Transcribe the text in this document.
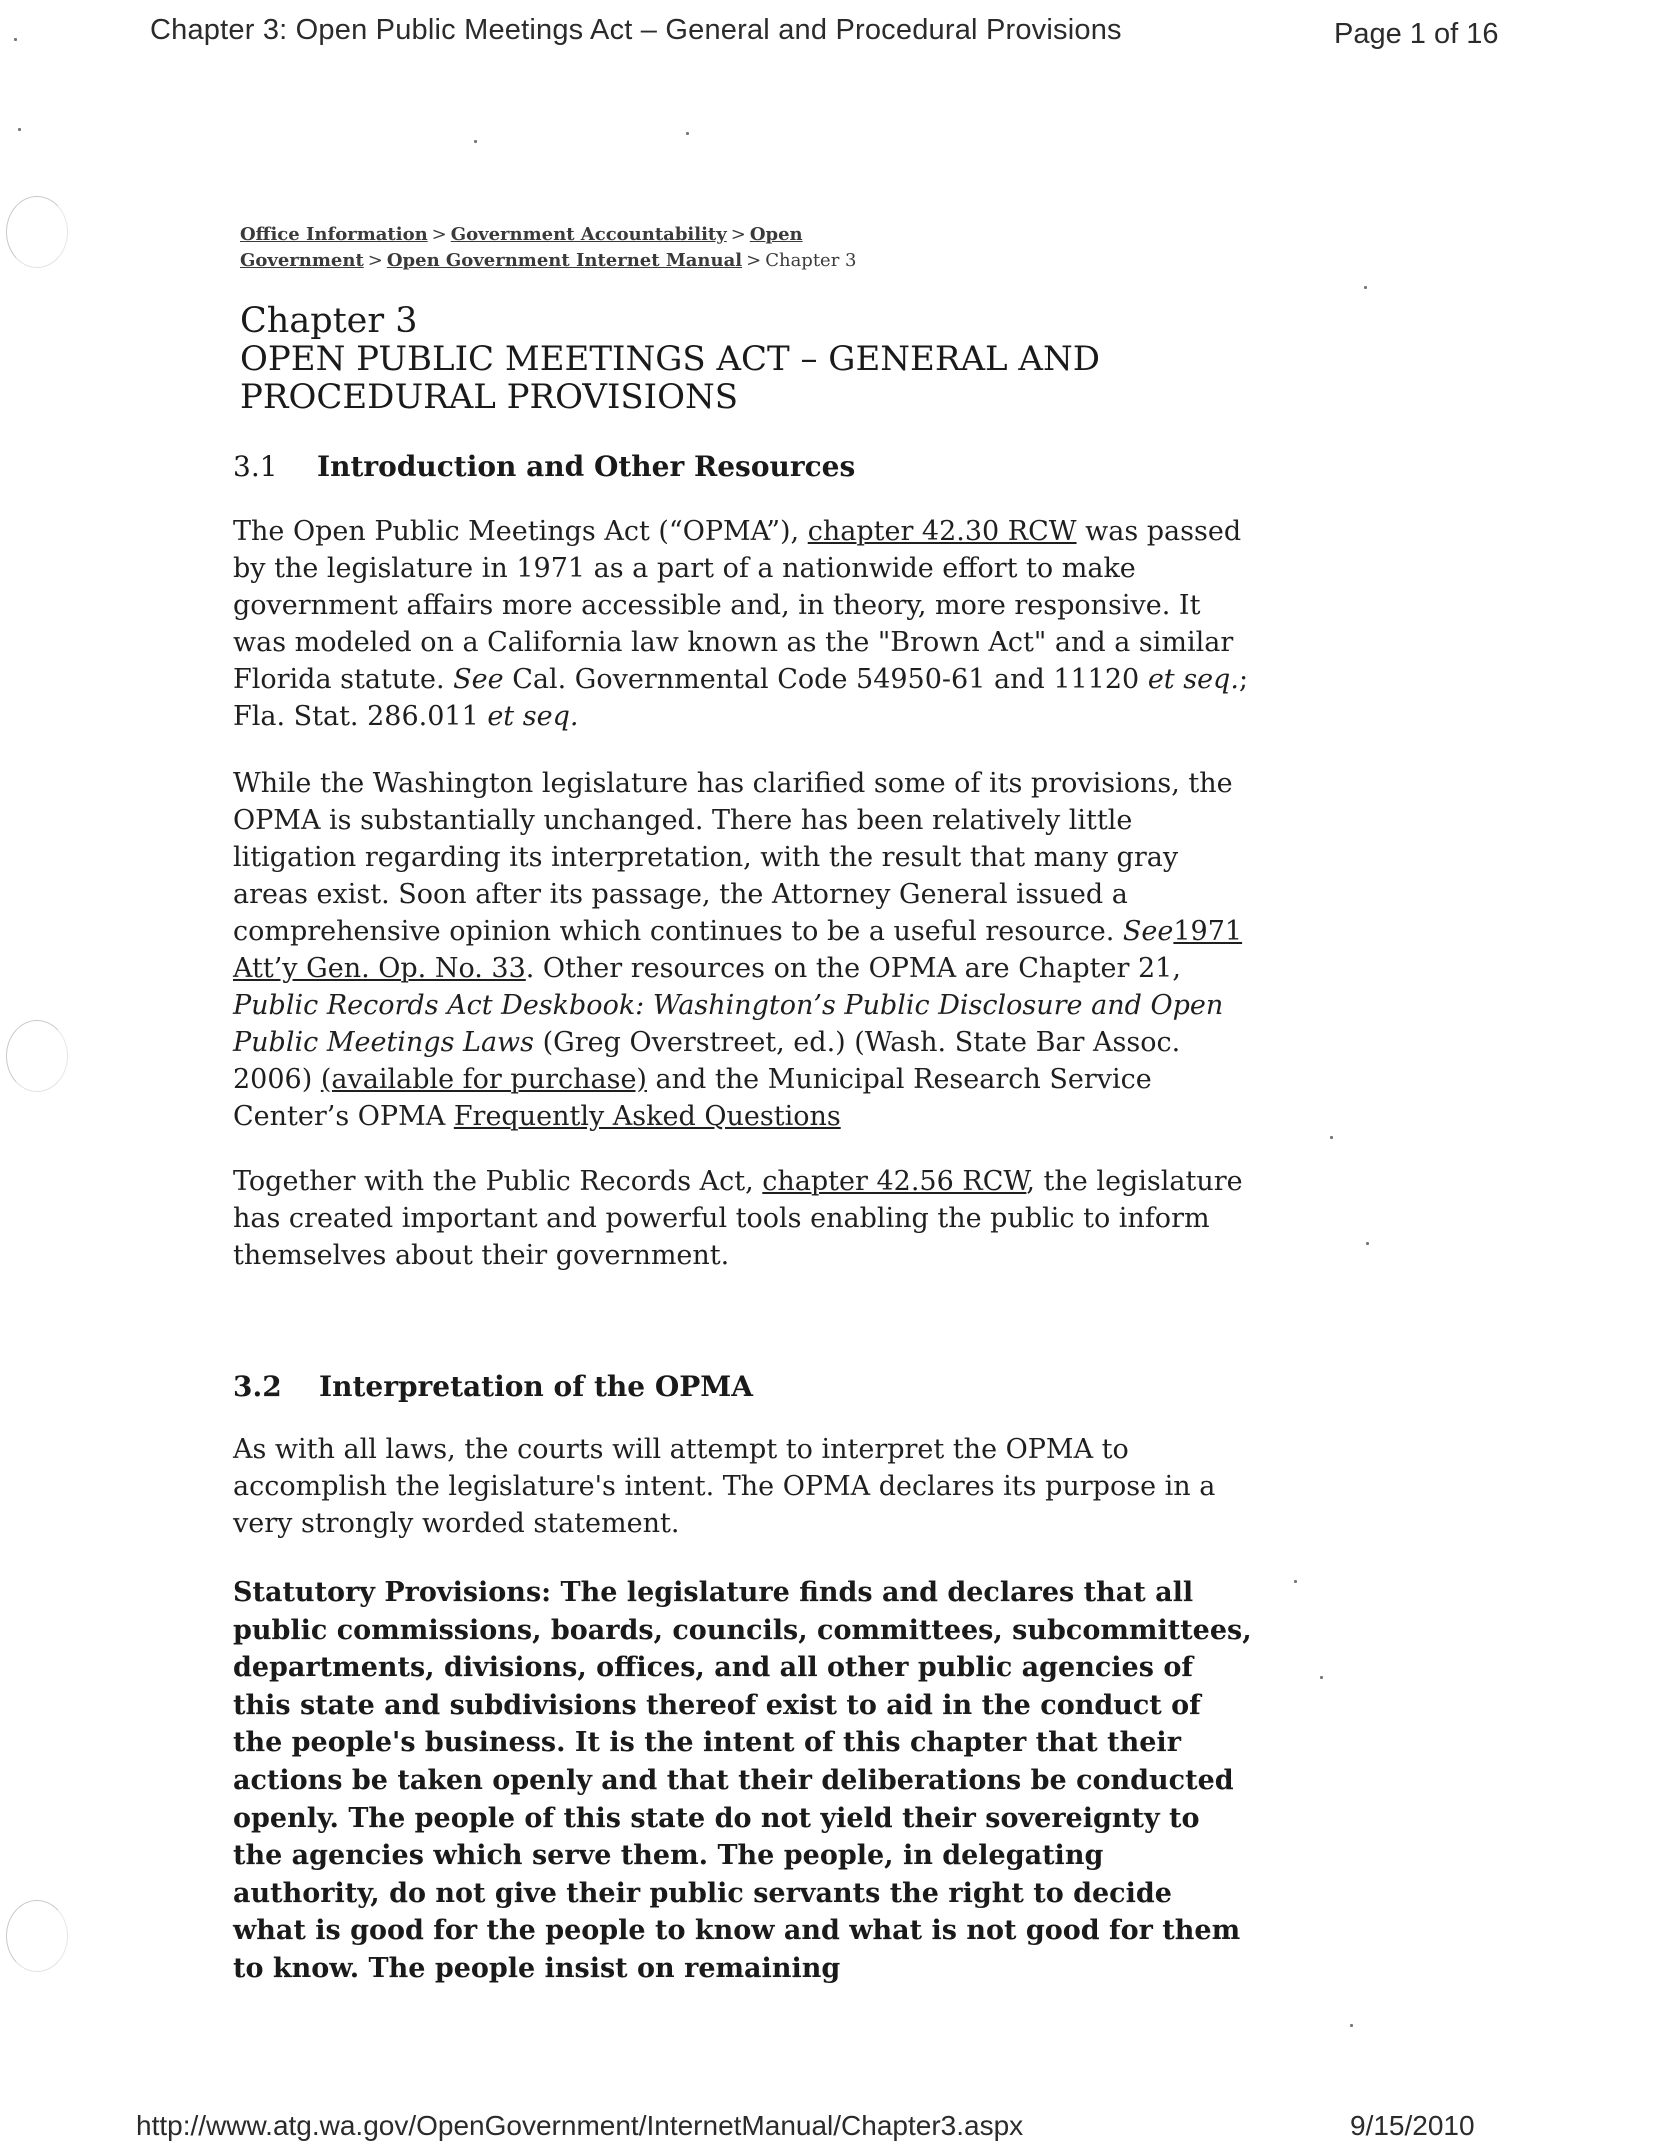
Chapter 3: Open Public Meetings Act – General and Procedural Provisions	Page 1 of 16
Office Information > Government Accountability > Open Government > Open Government Internet Manual > Chapter 3
Chapter 3
OPEN PUBLIC MEETINGS ACT – GENERAL AND
PROCEDURAL PROVISIONS
3.1 Introduction and Other Resources

The Open Public Meetings Act (“OPMA”), chapter 42.30 RCW was passed by the legislature in 1971 as a part of a nationwide effort to make government affairs more accessible and, in theory, more responsive. It was modeled on a California law known as the "Brown Act" and a similar Florida statute. See Cal. Governmental Code 54950-61 and 11120 et seq.; Fla. Stat. 286.011 et seq.

While the Washington legislature has clarified some of its provisions, the OPMA is substantially unchanged. There has been relatively little litigation regarding its interpretation, with the result that many gray areas exist. Soon after its passage, the Attorney General issued a comprehensive opinion which continues to be a useful resource. See1971 Att’y Gen. Op. No. 33. Other resources on the OPMA are Chapter 21, Public Records Act Deskbook: Washington’s Public Disclosure and Open Public Meetings Laws (Greg Overstreet, ed.) (Wash. State Bar Assoc. 2006) (available for purchase) and the Municipal Research Service Center’s OPMA Frequently Asked Questions

Together with the Public Records Act, chapter 42.56 RCW, the legislature has created important and powerful tools enabling the public to inform themselves about their government.

3.2 Interpretation of the OPMA

As with all laws, the courts will attempt to interpret the OPMA to accomplish the legislature's intent. The OPMA declares its purpose in a very strongly worded statement.

Statutory Provisions: The legislature finds and declares that all public commissions, boards, councils, committees, subcommittees, departments, divisions, offices, and all other public agencies of this state and subdivisions thereof exist to aid in the conduct of the people's business. It is the intent of this chapter that their actions be taken openly and that their deliberations be conducted openly. The people of this state do not yield their sovereignty to the agencies which serve them. The people, in delegating authority, do not give their public servants the right to decide what is good for the people to know and what is not good for them to know. The people insist on remaining

http://www.atg.wa.gov/OpenGovernment/InternetManual/Chapter3.aspx	9/15/2010
